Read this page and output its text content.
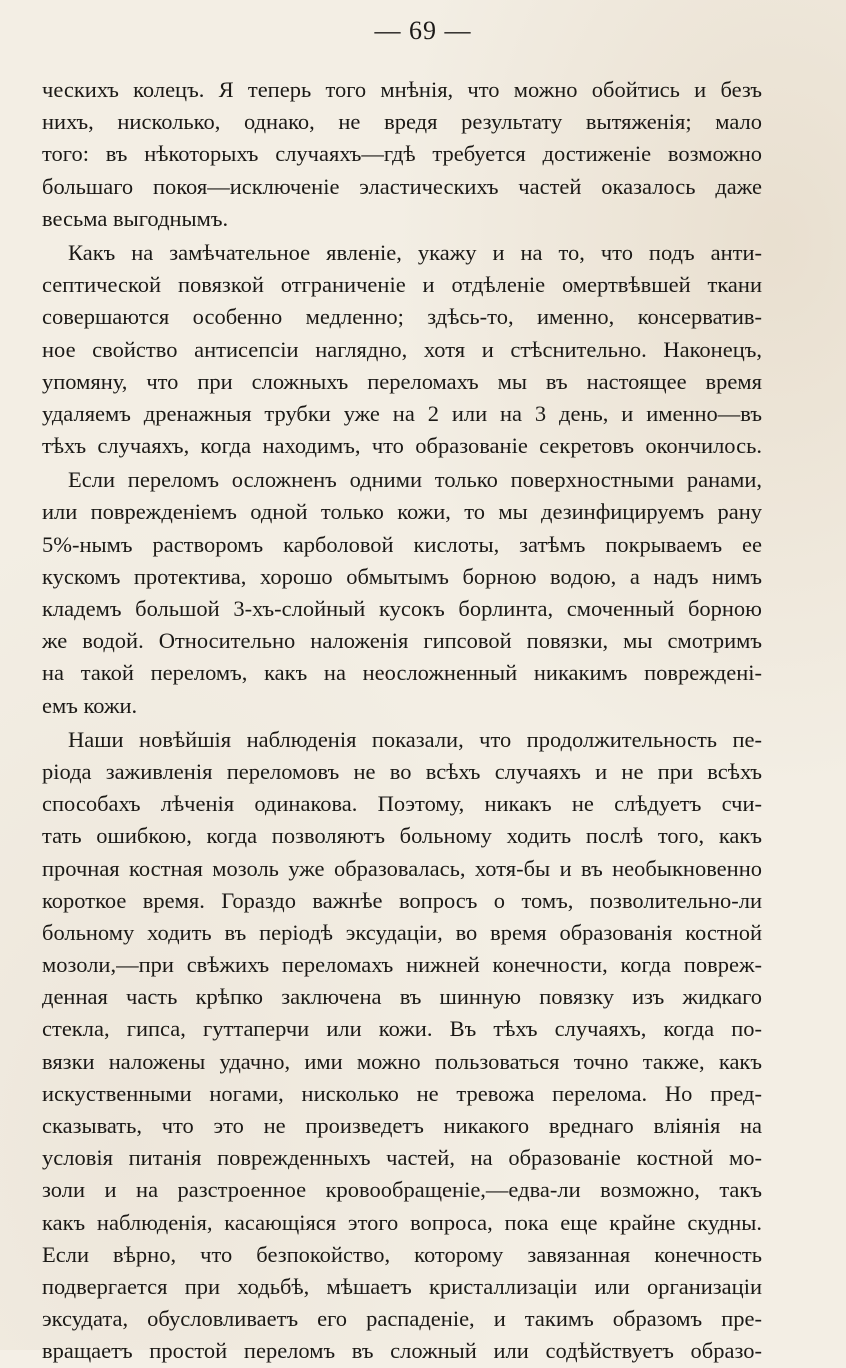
— 69 —
ческихъ колецъ. Я теперь того мнѣнія, что можно обойтись и безъ
нихъ, нисколько, однако, не вредя результату вытяженія; мало
того: въ нѣкоторыхъ случаяхъ—гдѣ требуется достиженіе возможно
большаго покоя—исключеніе эластическихъ частей оказалось даже
весьма выгоднымъ.
Какъ на замѣчательное явленіе, укажу и на то, что подъ анти-
септической повязкой отграниченіе и отдѣленіе омертвѣвшей ткани
совершаются особенно медленно; здѣсь-то, именно, консерватив-
ное свойство антисепсіи наглядно, хотя и стѣснительно. Наконецъ,
упомяну, что при сложныхъ переломахъ мы въ настоящее время
удаляемъ дренажныя трубки уже на 2 или на 3 день, и именно—въ
тѣхъ случаяхъ, когда находимъ, что образованіе секретовъ окончилось.
Если переломъ осложненъ одними только поверхностными ранами,
или поврежденіемъ одной только кожи, то мы дезинфицируемъ рану
5%-нымъ растворомъ карболовой кислоты, затѣмъ покрываемъ ее
кускомъ протектива, хорошо обмытымъ борною водою, а надъ нимъ
кладемъ большой 3-хъ-слойный кусокъ борлинта, смоченный борною
же водой. Относительно наложенія гипсовой повязки, мы смотримъ
на такой переломъ, какъ на неосложненный никакимъ поврежденi-
емъ кожи.
Наши новѣйшія наблюденія показали, что продолжительность пе-
ріода заживленія переломовъ не во всѣхъ случаяхъ и не при всѣхъ
способахъ лѣченія одинакова. Поэтому, никакъ не слѣдуетъ счи-
тать ошибкою, когда позволяютъ больному ходить послѣ того, какъ
прочная костная мозоль уже образовалась, хотя-бы и въ необыкновенно
короткое время. Гораздо важнѣе вопросъ о томъ, позволительно-ли
больному ходить въ періодѣ эксудаціи, во время образованія костной
мозоли,—при свѣжихъ переломахъ нижней конечности, когда повреж-
денная часть крѣпко заключена въ шинную повязку изъ жидкаго
стекла, гипса, гуттаперчи или кожи. Въ тѣхъ случаяхъ, когда по-
вязки наложены удачно, ими можно пользоваться точно также, какъ
искуственными ногами, нисколько не тревожа перелома. Но пред-
сказывать, что это не произведетъ никакого вреднаго вліянія на
условія питанія поврежденныхъ частей, на образованіе костной мо-
золи и на разстроенное кровообращеніе,—едва-ли возможно, такъ
какъ наблюденія, касающіяся этого вопроса, пока еще крайне скудны.
Если вѣрно, что безпокойство, которому завязанная конечность
подвергается при ходьбѣ, мѣшаетъ кристаллизаціи или организаціи
эксудата, обусловливаетъ его распаденіе, и такимъ образомъ пре-
вращаетъ простой переломъ въ сложный или содѣйствуетъ образо-
